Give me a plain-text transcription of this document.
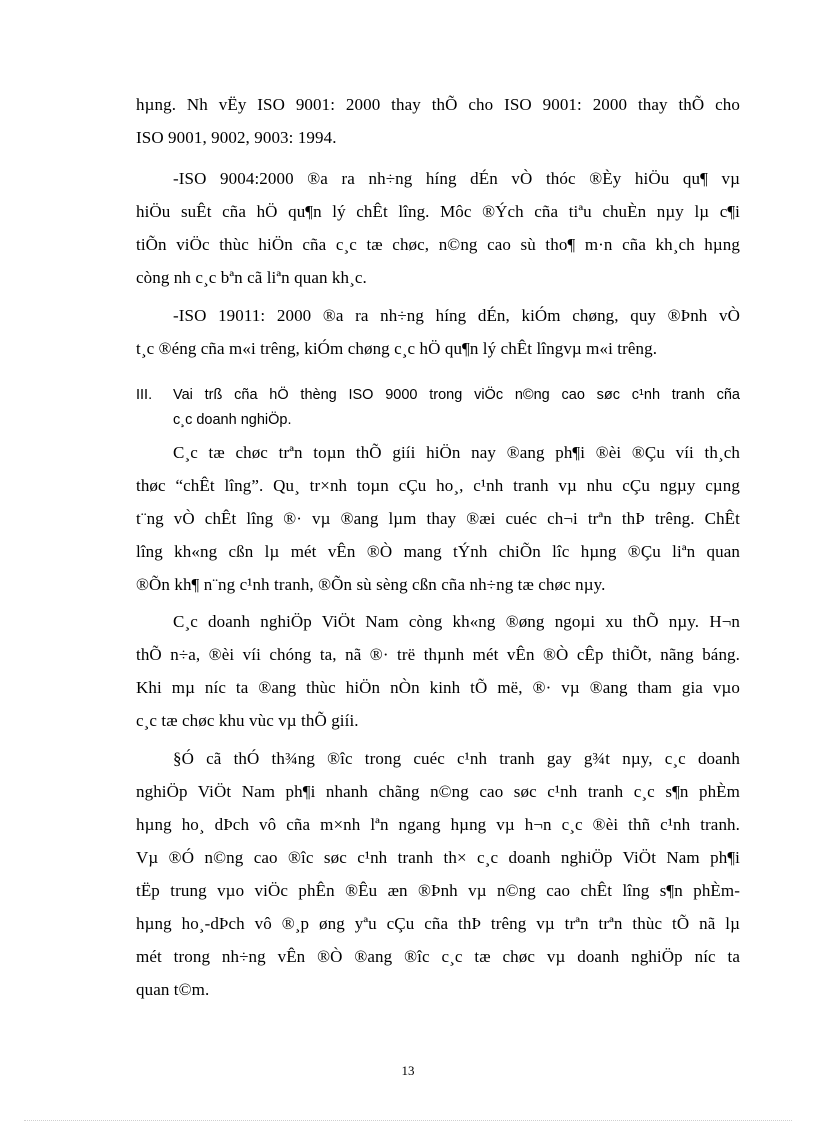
hµng. Nh vËy ISO 9001: 2000 thay thÕ cho ISO 9001: 2000 thay thÕ cho
ISO 9001, 9002, 9003: 1994.
-ISO 9004:2000 ®a ra nh÷ng híng dÉn vÒ thóc ®Èy hiÖu qu¶ vµ
hiÖu suÊt cña hÖ qu¶n lý chÊt lîng. Môc ®Ých cña tiªu chuÈn nµy lµ c¶i
tiÕn viÖc thùc hiÖn cña c¸c tæ chøc, n©ng cao sù tho¶ m·n cña kh¸ch hµng
còng nh c¸c bªn cã liªn quan kh¸c.
-ISO 19011: 2000 ®a ra nh÷ng híng dÉn, kiÓm chøng, quy ®Þnh vÒ
t¸c ®éng cña m«i trêng, kiÓm chøng c¸c hÖ qu¶n lý chÊt lîngvµ m«i trêng.
III. Vai trß cña hÖ thèng ISO 9000 trong viÖc n©ng cao søc c¹nh tranh cña
c¸c doanh nghiÖp.
C¸c tæ chøc trªn toµn thÕ giíi hiÖn nay ®ang ph¶i ®èi ®Çu víi th¸ch
thøc “chÊt lîng”. Qu¸ tr×nh toµn cÇu ho¸, c¹nh tranh vµ nhu cÇu ngµy cµng
t¨ng vÒ chÊt lîng ®· vµ ®ang lµm thay ®æi cuéc ch¬i trªn thÞ trêng. ChÊt
lîng kh«ng cßn lµ mét vÊn ®Ò mang tÝnh chiÕn lîc hµng ®Çu liªn quan
®Õn kh¶ n¨ng c¹nh tranh, ®Õn sù sèng cßn cña nh÷ng tæ chøc nµy.
C¸c doanh nghiÖp ViÖt Nam còng kh«ng ®øng ngoµi xu thÕ nµy. H¬n
thÕ n÷a, ®èi víi chóng ta, nã ®· trë thµnh mét vÊn ®Ò cÊp thiÕt, nãng báng.
Khi mµ níc ta ®ang thùc hiÖn nÒn kinh tÕ më, ®· vµ ®ang tham gia vµo
c¸c tæ chøc khu vùc vµ thÕ giíi.
§Ó cã thÓ th¾ng ®îc trong cuéc c¹nh tranh gay g¾t nµy, c¸c doanh
nghiÖp ViÖt Nam ph¶i nhanh chãng n©ng cao søc c¹nh tranh c¸c s¶n phÈm
hµng ho¸ dÞch vô cña m×nh lªn ngang hµng vµ h¬n c¸c ®èi thñ c¹nh tranh.
Vµ ®Ó n©ng cao ®îc søc c¹nh tranh th× c¸c doanh nghiÖp ViÖt Nam ph¶i
tËp trung vµo viÖc phÊn ®Êu æn ®Þnh vµ n©ng cao chÊt lîng s¶n phÈm-
hµng ho¸-dÞch vô ®¸p øng yªu cÇu cña thÞ trêng vµ trªn trªn thùc tÕ nã lµ
mét trong nh÷ng vÊn ®Ò ®ang ®îc c¸c tæ chøc vµ doanh nghiÖp níc ta
quan t©m.
13
